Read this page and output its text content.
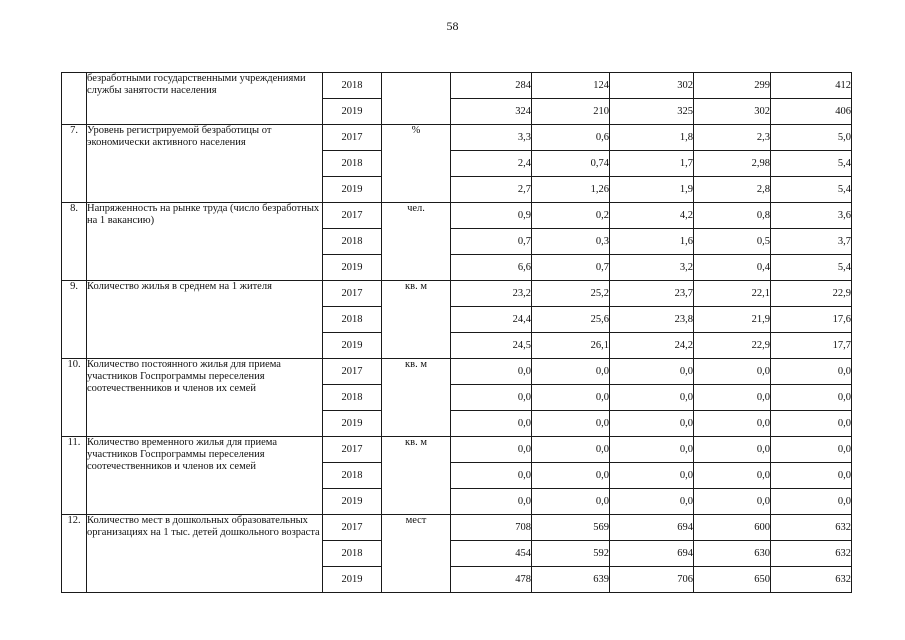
58
	безработными государственными учреждениями службы занятости населения	2018		284	124	302	299	412
		2019		324	210	325	302	406
7.	Уровень регистрируемой безработицы от экономически активного населения	2017	%	3,3	0,6	1,8	2,3	5,0
		2018		2,4	0,74	1,7	2,98	5,4
		2019		2,7	1,26	1,9	2,8	5,4
8.	Напряженность на рынке труда (число безработных на 1 вакансию)	2017	чел.	0,9	0,2	4,2	0,8	3,6
		2018		0,7	0,3	1,6	0,5	3,7
		2019		6,6	0,7	3,2	0,4	5,4
9.	Количество жилья в среднем на 1 жителя	2017	кв. м	23,2	25,2	23,7	22,1	22,9
		2018		24,4	25,6	23,8	21,9	17,6
		2019		24,5	26,1	24,2	22,9	17,7
10.	Количество постоянного жилья для приема участников Госпрограммы переселения соотечественников и членов их семей	2017	кв. м	0,0	0,0	0,0	0,0	0,0
		2018		0,0	0,0	0,0	0,0	0,0
		2019		0,0	0,0	0,0	0,0	0,0
11.	Количество временного жилья для приема участников Госпрограммы переселения соотечественников и членов их семей	2017	кв. м	0,0	0,0	0,0	0,0	0,0
		2018		0,0	0,0	0,0	0,0	0,0
		2019		0,0	0,0	0,0	0,0	0,0
12.	Количество мест в дошкольных образовательных организациях на 1 тыс. детей дошкольного возраста	2017	мест	708	569	694	600	632
		2018		454	592	694	630	632
		2019		478	639	706	650	632
